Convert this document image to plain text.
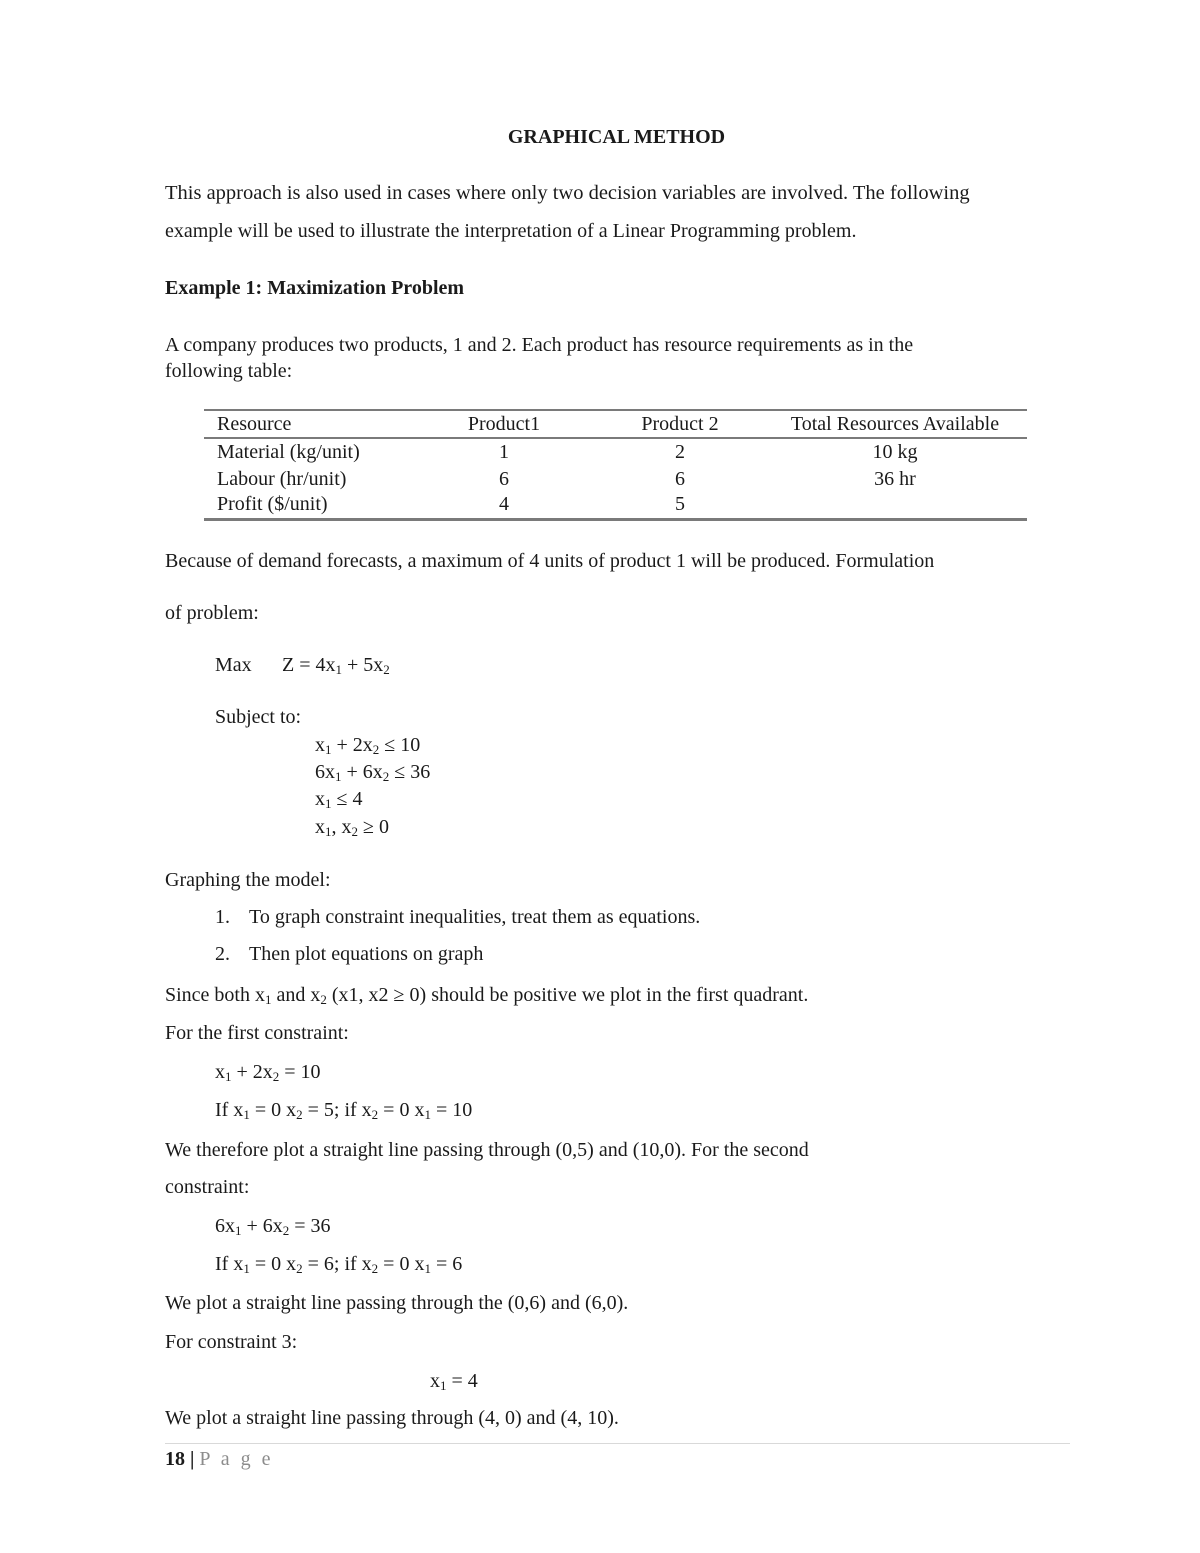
GRAPHICAL METHOD
This approach is also used in cases where only two decision variables are involved. The following
example will be used to illustrate the interpretation of a Linear Programming problem.
Example 1: Maximization Problem
A company produces two products, 1 and 2. Each product has resource requirements as in the
following table:
Resource	Product1	Product 2	Total Resources Available
Material (kg/unit)	1	2	10 kg
Labour (hr/unit)	6	6	36 hr
Profit ($/unit)	4	5
Because of demand forecasts, a maximum of 4 units of product 1 will be produced. Formulation
of problem:
Max $Z = 4x_1 + 5x_2$
Subject to:
$x_1 + 2x_2 \le 10$
$6x_1 + 6x_2 \le 36$
$x_1 \le 4$
$x_1$, $x_2 \ge 0$
Graphing the model:
1. To graph constraint inequalities, treat them as equations.
2. Then plot equations on graph
Since both $x_1$ and $x_2$ (x1, x2 ≥ 0) should be positive we plot in the first quadrant.
For the first constraint:
$x_1 + 2x_2 = 10$
If $x_1 = 0$ $x_2 = 5$; if $x_2 = 0$ $x_1 = 10$
We therefore plot a straight line passing through (0,5) and (10,0). For the second
constraint:
$6x_1 + 6x_2 = 36$
If $x_1 = 0$ $x_2 = 6$; if $x_2 = 0$ $x_1 = 6$
We plot a straight line passing through the (0,6) and (6,0).
For constraint 3:
$x_1 = 4$
We plot a straight line passing through (4, 0) and (4, 10).
18 | P a g e
